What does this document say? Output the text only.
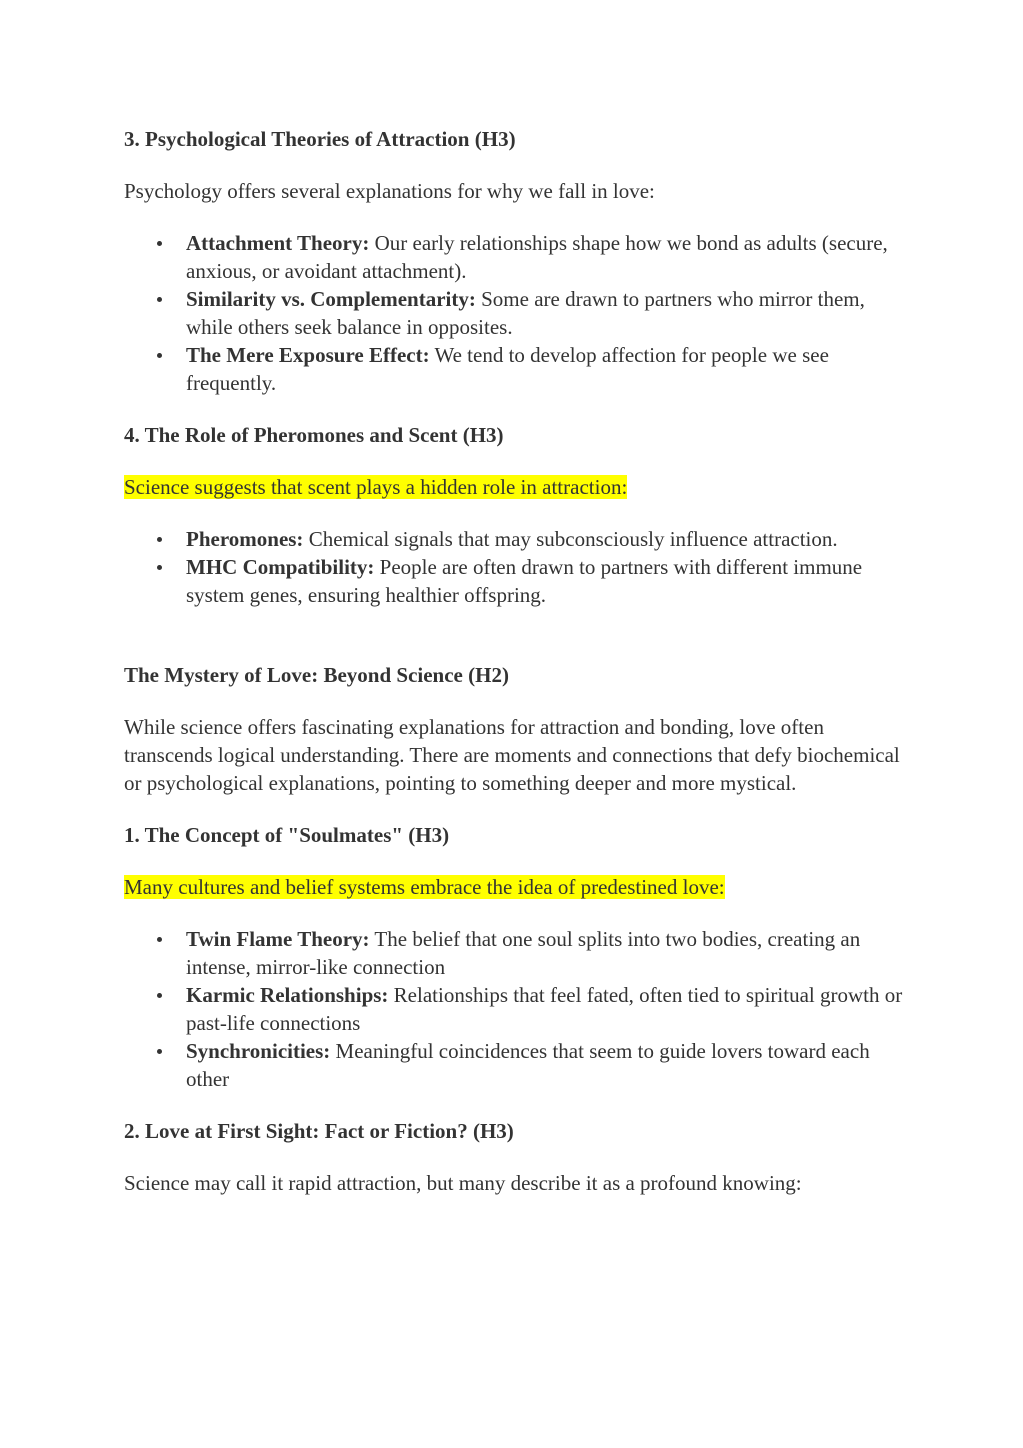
3. Psychological Theories of Attraction (H3)

Psychology offers several explanations for why we fall in love:

Attachment Theory: Our early relationships shape how we bond as adults (secure, anxious, or avoidant attachment).
Similarity vs. Complementarity: Some are drawn to partners who mirror them, while others seek balance in opposites.
The Mere Exposure Effect: We tend to develop affection for people we see frequently.

4. The Role of Pheromones and Scent (H3)

Science suggests that scent plays a hidden role in attraction:

Pheromones: Chemical signals that may subconsciously influence attraction.
MHC Compatibility: People are often drawn to partners with different immune system genes, ensuring healthier offspring.

The Mystery of Love: Beyond Science (H2)

While science offers fascinating explanations for attraction and bonding, love often transcends logical understanding. There are moments and connections that defy biochemical or psychological explanations, pointing to something deeper and more mystical.

1. The Concept of "Soulmates" (H3)

Many cultures and belief systems embrace the idea of predestined love:

Twin Flame Theory: The belief that one soul splits into two bodies, creating an intense, mirror-like connection
Karmic Relationships: Relationships that feel fated, often tied to spiritual growth or past-life connections
Synchronicities: Meaningful coincidences that seem to guide lovers toward each other

2. Love at First Sight: Fact or Fiction? (H3)

Science may call it rapid attraction, but many describe it as a profound knowing:
